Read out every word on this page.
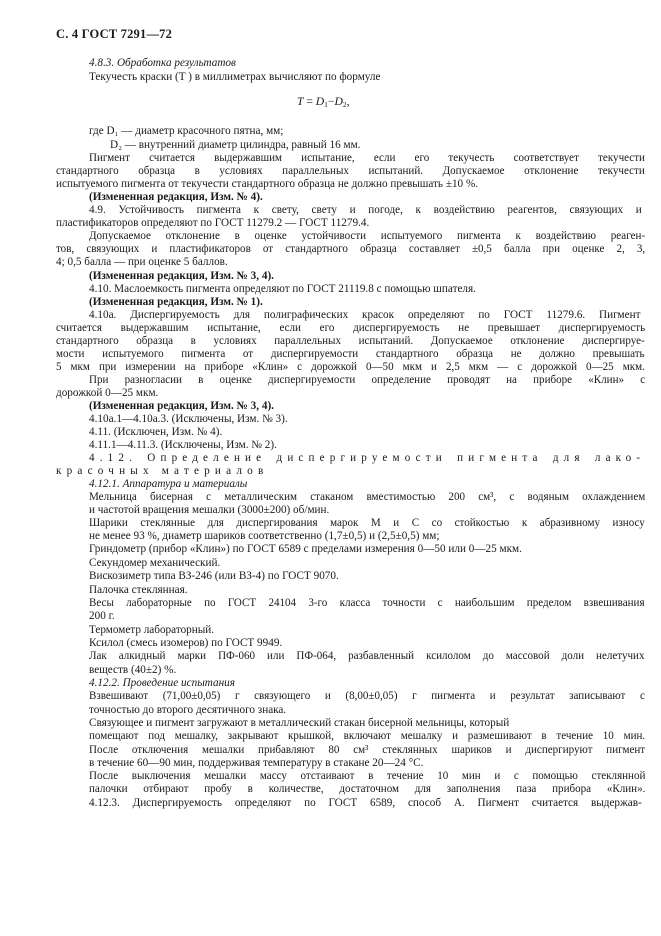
С. 4 ГОСТ 7291—72
$T = D_1-D_2$,
4.8.3. Обработка результатов
Текучесть краски (T ) в миллиметрах вычисляют по формуле
где D₁ — диаметр красочного пятна, мм;
D₂ — внутренний диаметр цилиндра, равный 16 мм.
Пигмент считается выдержавшим испытание, если его текучесть соответствует текучести
стандартного образца в условиях параллельных испытаний. Допускаемое отклонение текучести
испытуемого пигмента от текучести стандартного образца не должно превышать ±10 %.
(Измененная редакция, Изм. № 4).
4.9. Устойчивость пигмента к свету, свету и погоде, к воздействию реагентов, связующих и
пластификаторов определяют по ГОСТ 11279.2 — ГОСТ 11279.4.
Допускаемое отклонение в оценке устойчивости испытуемого пигмента к воздействию реаген-
тов, связующих и пластификаторов от стандартного образца составляет ±0,5 балла при оценке 2, 3,
4; 0,5 балла — при оценке 5 баллов.
(Измененная редакция, Изм. № 3, 4).
4.10. Маслоемкость пигмента определяют по ГОСТ 21119.8 с помощью шпателя.
(Измененная редакция, Изм. № 1).
4.10а. Диспергируемость для полиграфических красок определяют по ГОСТ 11279.6. Пигмент
считается выдержавшим испытание, если его диспергируемость не превышает диспергируемость
стандартного образца в условиях параллельных испытаний. Допускаемое отклонение диспергируе-
мости испытуемого пигмента от диспергируемости стандартного образца не должно превышать
5 мкм при измерении на приборе «Клин» с дорожкой 0—50 мкм и 2,5 мкм — с дорожкой 0—25 мкм.
При разногласии в оценке диспергируемости определение проводят на приборе «Клин» с
дорожкой 0—25 мкм.
(Измененная редакция, Изм. № 3, 4).
4.10а.1—4.10а.3. (Исключены, Изм. № 3).
4.11. (Исключен, Изм. № 4).
4.11.1—4.11.3. (Исключены, Изм. № 2).
4.12. Определение диспергируемости пигмента для лако-
красочных материалов
4.12.1. Аппаратура и материалы
Мельница бисерная с металлическим стаканом вместимостью 200 см³, с водяным охлаждением
и частотой вращения мешалки (3000±200) об/мин.
Шарики стеклянные для диспергирования марок М и С со стойкостью к абразивному износу
не менее 93 %, диаметр шариков соответственно (1,7±0,5) и (2,5±0,5) мм;
Гриндометр (прибор «Клин») по ГОСТ 6589 с пределами измерения 0—50 или 0—25 мкм.
Секундомер механический.
Вискозиметр типа ВЗ-246 (или ВЗ-4) по ГОСТ 9070.
Палочка стеклянная.
Весы лабораторные по ГОСТ 24104 3-го класса точности с наибольшим пределом взвешивания
200 г.
Термометр лабораторный.
Ксилол (смесь изомеров) по ГОСТ 9949.
Лак алкидный марки ПФ-060 или ПФ-064, разбавленный ксилолом до массовой доли нелетучих
веществ (40±2) %.
4.12.2. Проведение испытания
Взвешивают (71,00±0,05) г связующего и (8,00±0,05) г пигмента и результат записывают с
точностью до второго десятичного знака.
Связующее и пигмент загружают в металлический стакан бисерной мельницы, который
помещают под мешалку, закрывают крышкой, включают мешалку и размешивают в течение 10 мин.
После отключения мешалки прибавляют 80 см³ стеклянных шариков и диспергируют пигмент
в течение 60—90 мин, поддерживая температуру в стакане 20—24 °С.
После выключения мешалки массу отстаивают в течение 10 мин и с помощью стеклянной
палочки отбирают пробу в количестве, достаточном для заполнения паза прибора «Клин».
4.12.3. Диспергируемость определяют по ГОСТ 6589, способ А. Пигмент считается выдержав-
